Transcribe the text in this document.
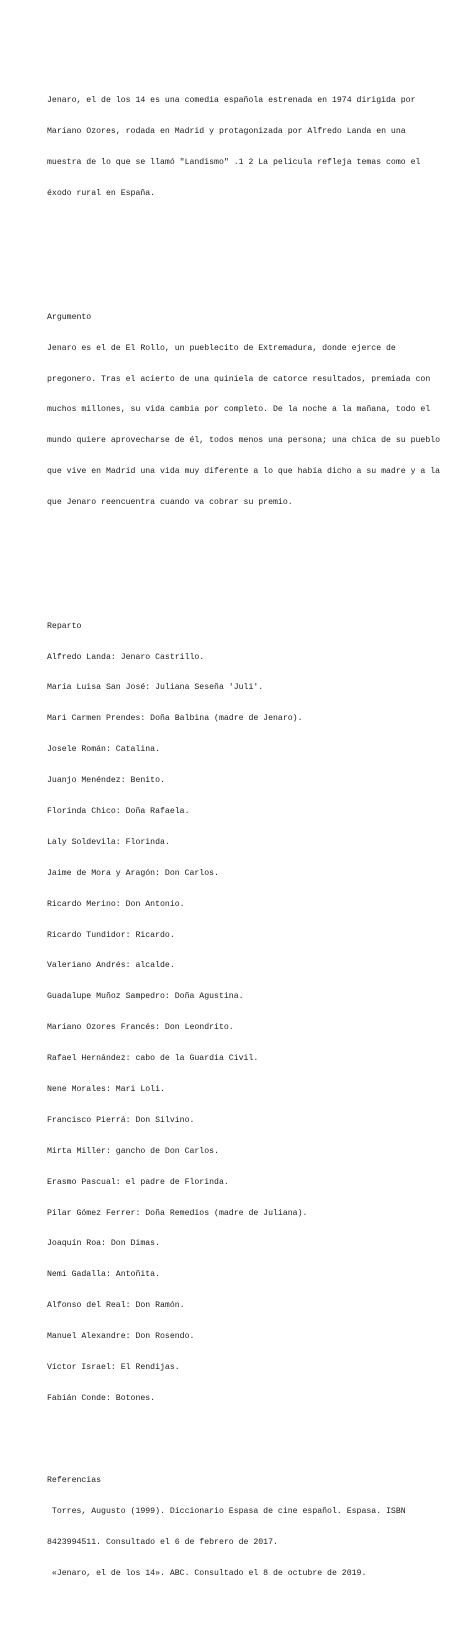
Jenaro, el de los 14 es una comedia española estrenada en 1974 dirigida por

Mariano Ozores, rodada en Madrid y protagonizada por Alfredo Landa en una

muestra de lo que se llamó "Landismo" .1 2 La película refleja temas como el

éxodo rural en España.

Argumento

Jenaro es el de El Rollo, un pueblecito de Extremadura, donde ejerce de

pregonero. Tras el acierto de una quiniela de catorce resultados, premiada con

muchos millones, su vida cambia por completo. De la noche a la mañana, todo el

mundo quiere aprovecharse de él, todos menos una persona; una chica de su pueblo

que vive en Madrid una vida muy diferente a lo que había dicho a su madre y a la

que Jenaro reencuentra cuando va cobrar su premio.

Reparto

Alfredo Landa: Jenaro Castrillo.

María Luisa San José: Juliana Seseña 'Juli'.

Mari Carmen Prendes: Doña Balbina (madre de Jenaro).

Josele Román: Catalina.

Juanjo Menéndez: Benito.

Florinda Chico: Doña Rafaela.

Laly Soldevila: Florinda.

Jaime de Mora y Aragón: Don Carlos.

Ricardo Merino: Don Antonio.

Ricardo Tundidor: Ricardo.

Valeriano Andrés: alcalde.

Guadalupe Muñoz Sampedro: Doña Agustina.

Mariano Ozores Francés: Don Leondrito.

Rafael Hernández: cabo de la Guardia Civil.

Nene Morales: Mari Loli.

Francisco Pierrá: Don Silvino.

Mirta Miller: gancho de Don Carlos.

Erasmo Pascual: el padre de Florinda.

Pilar Gómez Ferrer: Doña Remedios (madre de Juliana).

Joaquín Roa: Don Dimas.

Nemi Gadalla: Antoñita.

Alfonso del Real: Don Ramón.

Manuel Alexandre: Don Rosendo.

Víctor Israel: El Rendijas.

Fabián Conde: Botones.

Referencias

Torres, Augusto (1999). Diccionario Espasa de cine español. Espasa. ISBN

8423994511. Consultado el 6 de febrero de 2017.

«Jenaro, el de los 14». ABC. Consultado el 8 de octubre de 2019.
